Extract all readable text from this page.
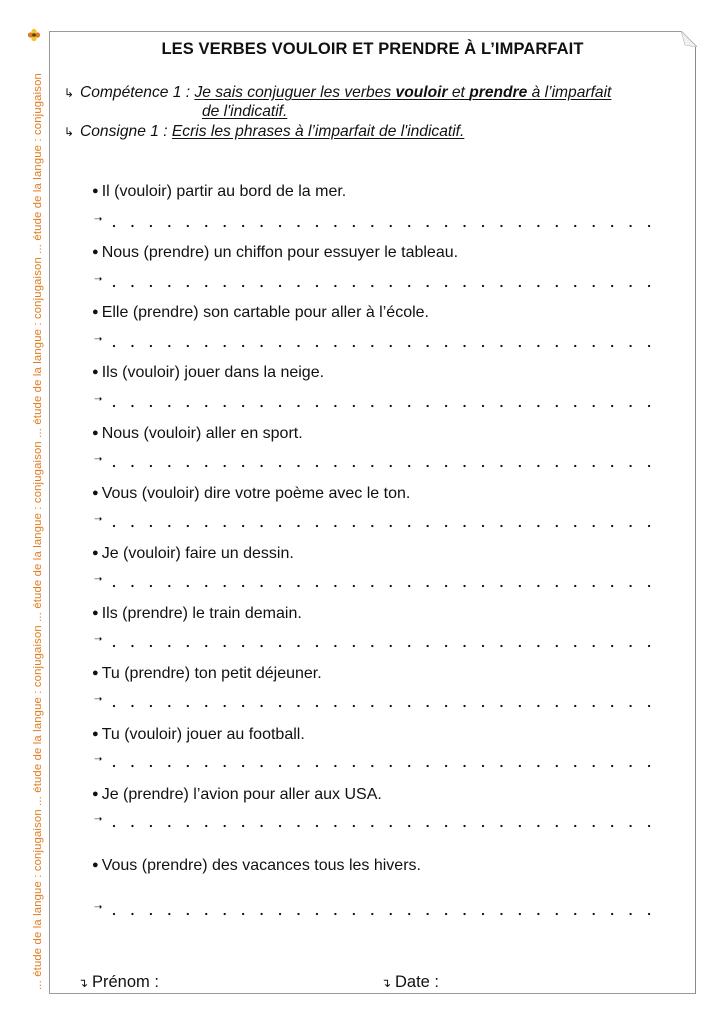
... étude de la langue : conjugaison ... étude de la langue : conjugaison ... étude de la langue : conjugaison ... étude de la langue : conjugaison ... étude de la langue : conjugaison
LES VERBES VOULOIR ET PRENDRE À L’IMPARFAIT
↳ Compétence 1 : Je sais conjuguer les verbes vouloir et prendre à l’imparfait
de l'indicatif.
↳ Consigne 1 : Ecris les phrases à l’imparfait de l'indicatif.
● Il (vouloir) partir au bord de la mer.
➝
● Nous (prendre) un chiffon pour essuyer le tableau.
➝
● Elle (prendre) son cartable pour aller à l’école.
➝
● Ils (vouloir) jouer dans la neige.
➝
● Nous (vouloir) aller en sport.
➝
● Vous (vouloir) dire votre poème avec le ton.
➝
● Je (vouloir) faire un dessin.
➝
● Ils (prendre) le train demain.
➝
● Tu (prendre) ton petit déjeuner.
➝
● Tu (vouloir) jouer au football.
➝
● Je (prendre) l’avion pour aller aux USA.
➝
● Vous (prendre) des vacances tous les hivers.
➝
↴ Prénom :	↴ Date :
